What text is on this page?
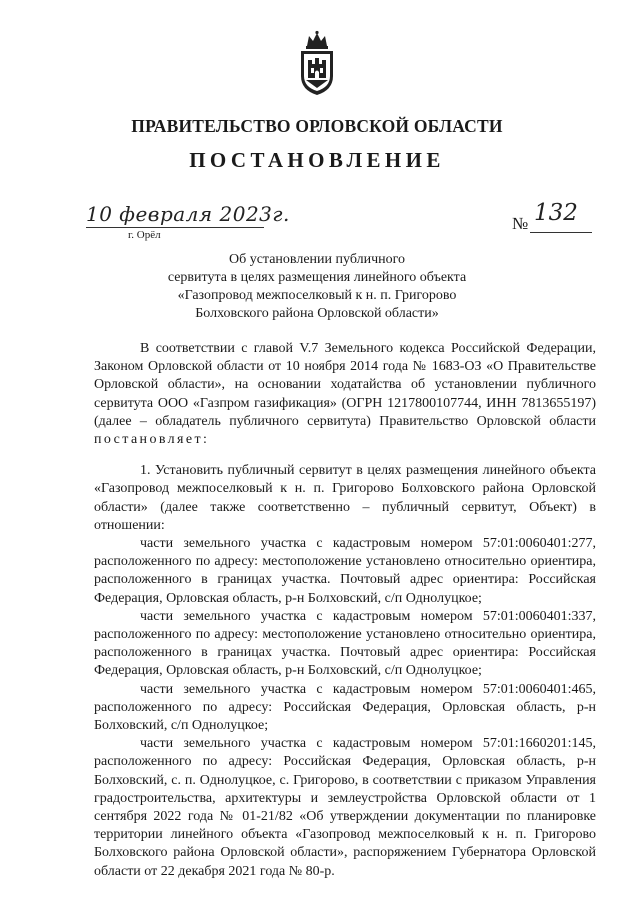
ПРАВИТЕЛЬСТВО ОРЛОВСКОЙ ОБЛАСТИ
ПОСТАНОВЛЕНИЕ
10 февраля 2023г.
г. Орёл
№ 132
Об установлении публичного
сервитута в целях размещения линейного объекта
«Газопровод межпоселковый к н. п. Григорово
Болховского района Орловской области»

В соответствии с главой V.7 Земельного кодекса Российской Федерации, Законом Орловской области от 10 ноября 2014 года № 1683-ОЗ «О Правительстве Орловской области», на основании ходатайства об установлении публичного сервитута ООО «Газпром газификация» (ОГРН 1217800107744, ИНН 7813655197) (далее – обладатель публичного сервитута) Правительство Орловской области постановляет:

1. Установить публичный сервитут в целях размещения линейного объекта «Газопровод межпоселковый к н. п. Григорово Болховского района Орловской области» (далее также соответственно – публичный сервитут, Объект) в отношении:

части земельного участка с кадастровым номером 57:01:0060401:277, расположенного по адресу: местоположение установлено относительно ориентира, расположенного в границах участка. Почтовый адрес ориентира: Российская Федерация, Орловская область, р-н Болховский, с/п Однолуцкое;

части земельного участка с кадастровым номером 57:01:0060401:337, расположенного по адресу: местоположение установлено относительно ориентира, расположенного в границах участка. Почтовый адрес ориентира: Российская Федерация, Орловская область, р-н Болховский, с/п Однолуцкое;

части земельного участка с кадастровым номером 57:01:0060401:465, расположенного по адресу: Российская Федерация, Орловская область, р-н Болховский, с/п Однолуцкое;

части земельного участка с кадастровым номером 57:01:1660201:145, расположенного по адресу: Российская Федерация, Орловская область, р-н Болховский, с. п. Однолуцкое, с. Григорово, в соответствии с приказом Управления градостроительства, архитектуры и землеустройства Орловской области от 1 сентября 2022 года № 01-21/82 «Об утверждении документации по планировке территории линейного объекта «Газопровод межпоселковый к н. п. Григорово Болховского района Орловской области», распоряжением Губернатора Орловской области от 22 декабря 2021 года № 80-р.
